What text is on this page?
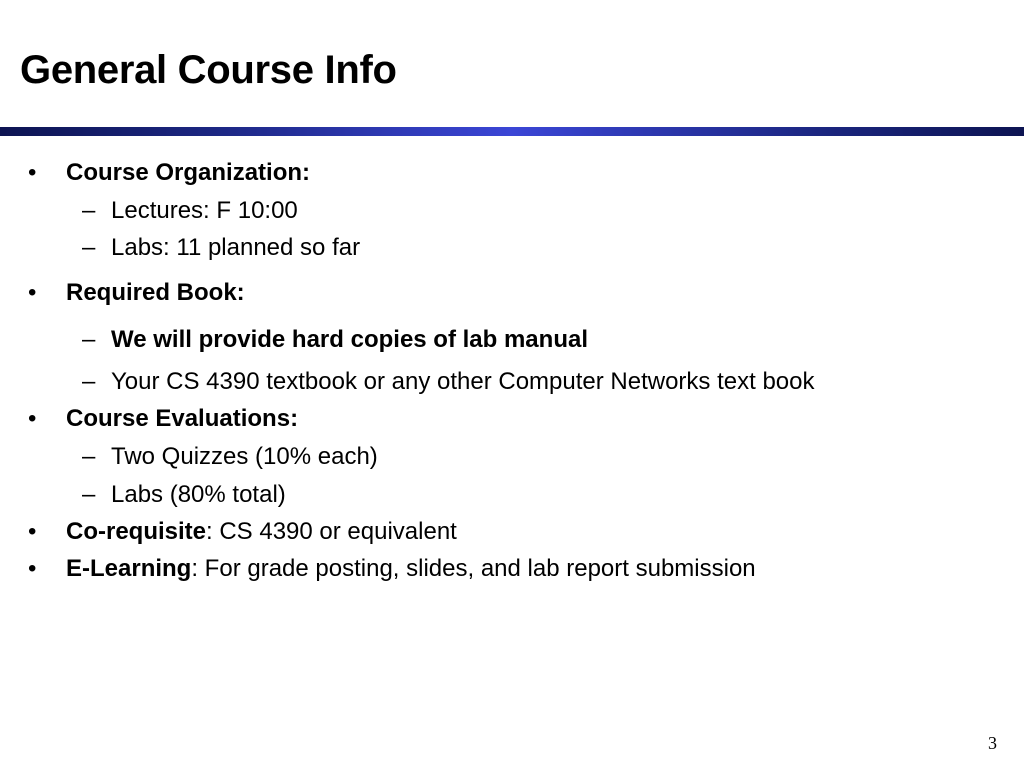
General Course Info
• Course Organization:
– Lectures: F 10:00
– Labs: 11 planned so far
• Required Book:
– We will provide hard copies of lab manual
– Your CS 4390 textbook or any other Computer Networks text book
• Course Evaluations:
– Two Quizzes (10% each)
– Labs (80% total)
• Co-requisite: CS 4390 or equivalent
• E-Learning: For grade posting, slides, and lab report submission
3
